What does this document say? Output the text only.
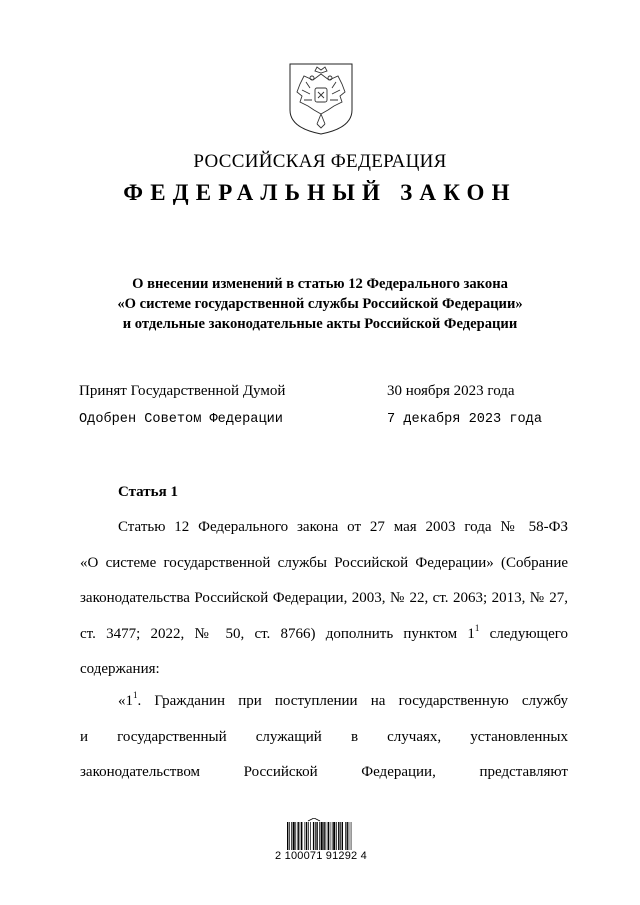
РОССИЙСКАЯ ФЕДЕРАЦИЯ
ФЕДЕРАЛЬНЫЙ ЗАКОН
О внесении изменений в статью 12 Федерального закона
«О системе государственной службы Российской Федерации»
и отдельные законодательные акты Российской Федерации
Принят Государственной Думой	30 ноября 2023 года
Одобрен Советом Федерации	7 декабря 2023 года
Статья 1
Статью 12 Федерального закона от 27 мая 2003 года № 58-ФЗ
«О системе государственной службы Российской Федерации» (Собрание
законодательства Российской Федерации, 2003, № 22, ст. 2063; 2013, № 27,
ст. 3477; 2022, № 50, ст. 8766) дополнить пунктом $1^1$ следующего
содержания:
«$1^1$. Гражданин при поступлении на государственную службу
и государственный служащий в случаях, установленных
законодательством Российской Федерации, представляют
2 100071 91292 4
